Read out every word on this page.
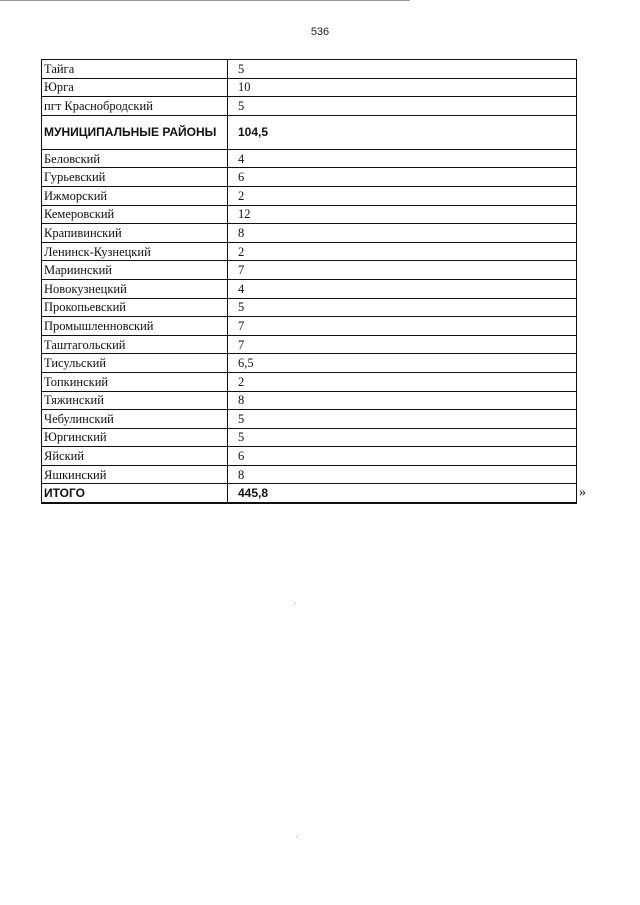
536
Тайга	5
Юрга	10
пгт Краснобродский	5
МУНИЦИПАЛЬНЫЕ РАЙОНЫ	104,5
Беловский	4
Гурьевский	6
Ижморский	2
Кемеровский	12
Крапивинский	8
Ленинск-Кузнецкий	2
Мариинский	7
Новокузнецкий	4
Прокопьевский	5
Промышленновский	7
Таштагольский	7
Тисульский	6,5
Топкинский	2
Тяжинский	8
Чебулинский	5
Юргинский	5
Яйский	6
Яшкинский	8
ИТОГО	445,8	»
